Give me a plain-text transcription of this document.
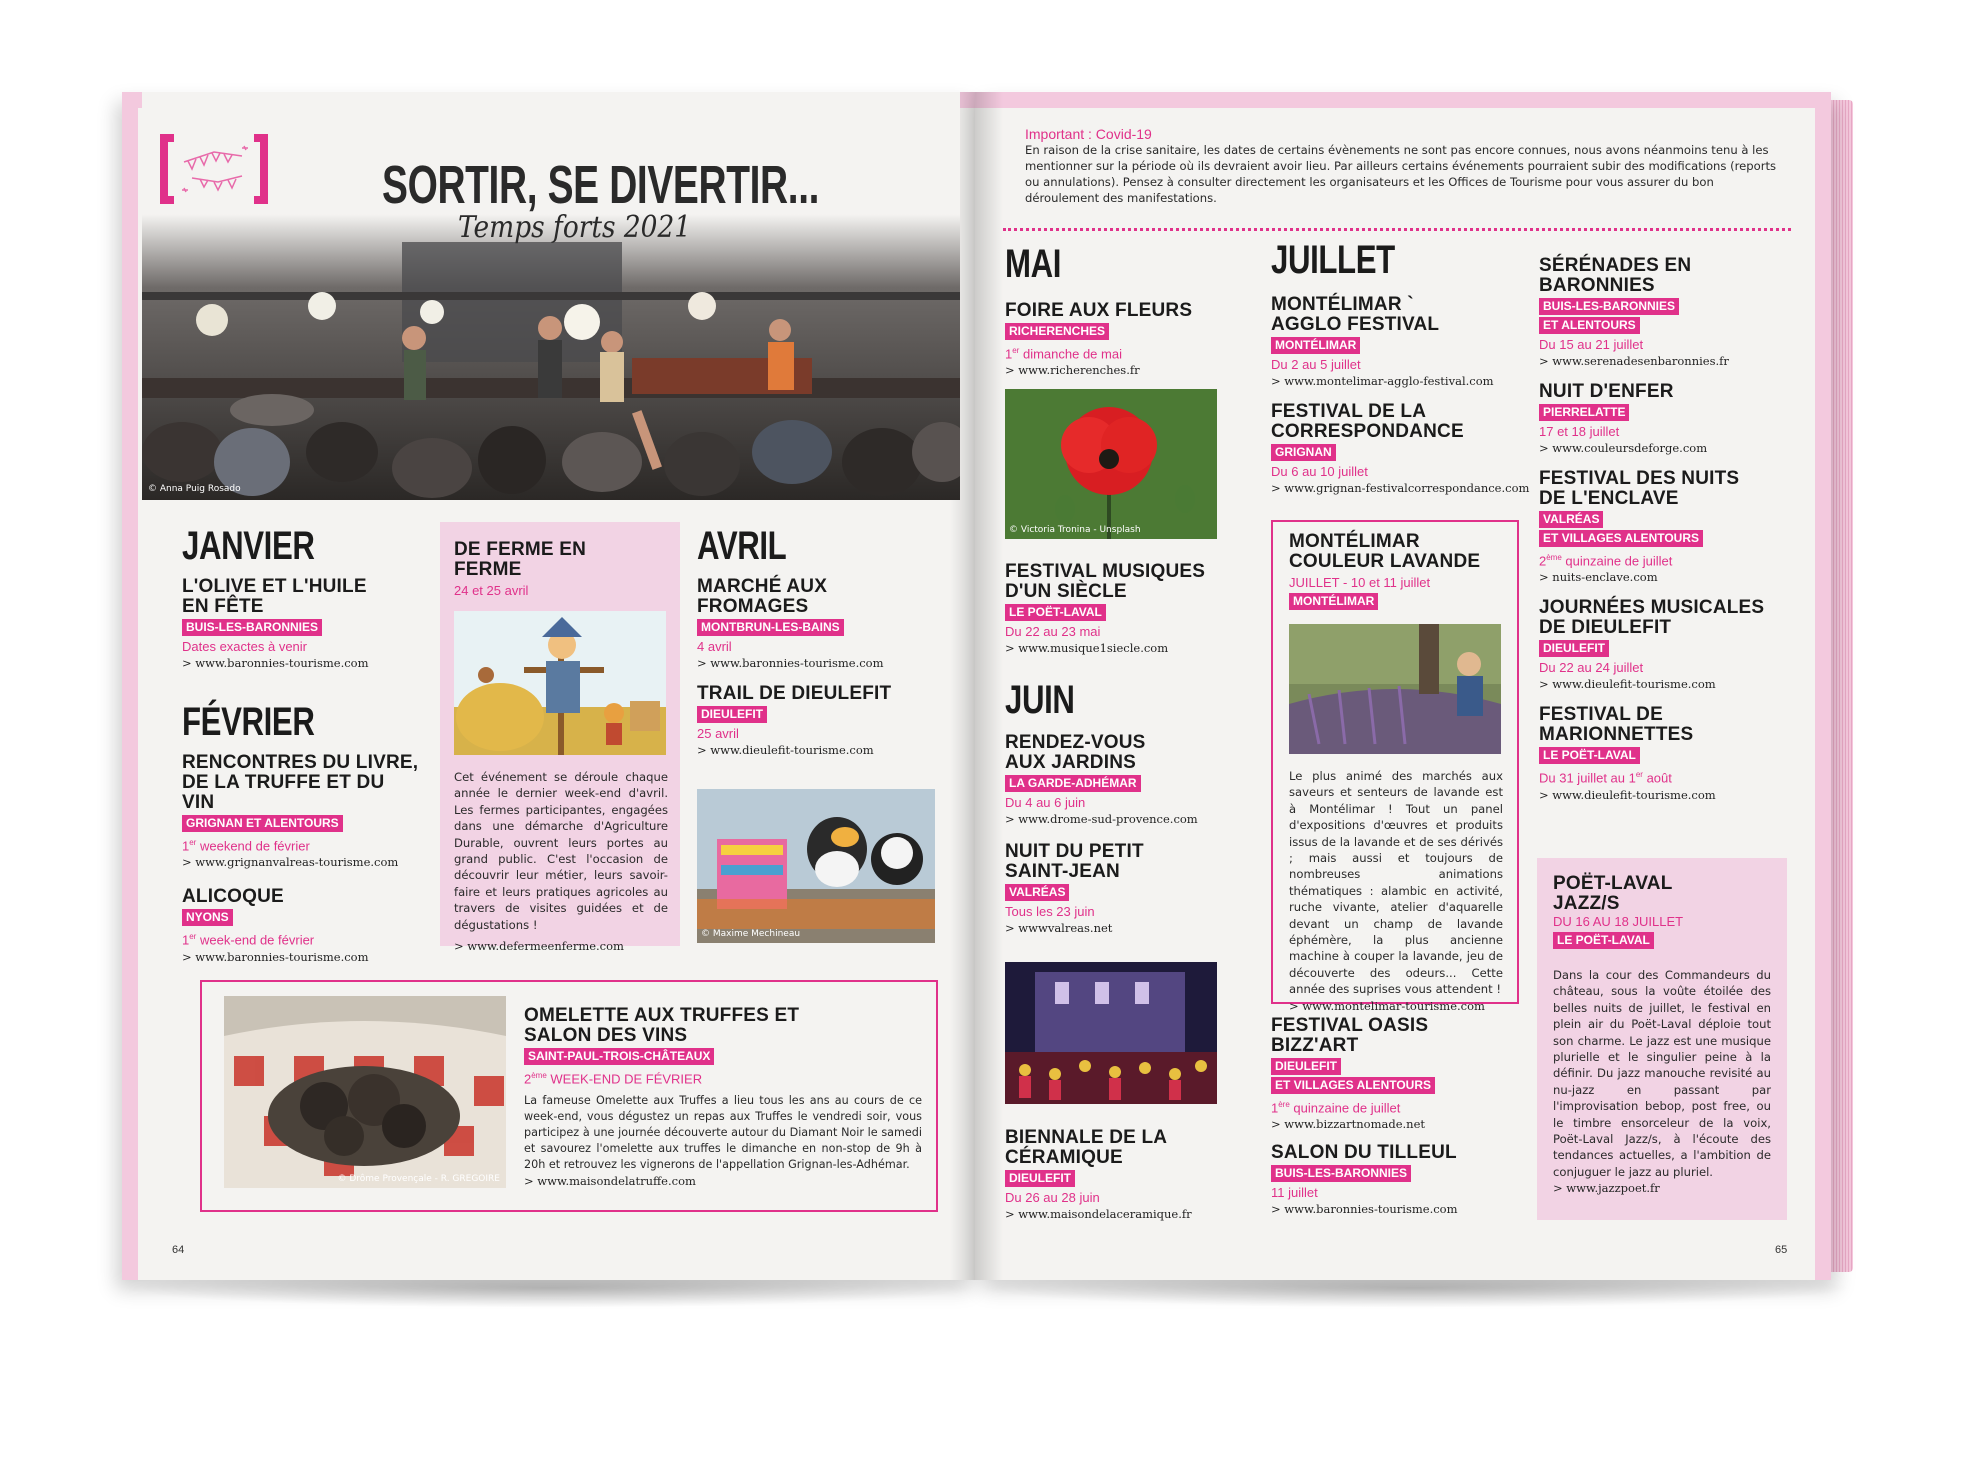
© Anna Puig Rosado
SORTIR, SE DIVERTIR...
Temps forts 2021
JANVIER
L'OLIVE ET L'HUILE EN FÊTE
BUIS-LES-BARONNIES
Dates exactes à venir
> www.baronnies-tourisme.com
FÉVRIER
RENCONTRES DU LIVRE, DE LA TRUFFE ET DU VIN
GRIGNAN ET ALENTOURS
1er weekend de février
> www.grignanvalreas-tourisme.com
ALICOQUE
NYONS
1er week-end de février
> www.baronnies-tourisme.com
DE FERME EN FERME
24 et 25 avril
Cet événement se déroule chaque année le dernier week-end d'avril. Les fermes participantes, engagées dans une démarche d'Agriculture Durable, ouvrent leurs portes au grand public. C'est l'occasion de découvrir leur métier, leurs savoir-faire et leurs pratiques agricoles au travers de visites guidées et de dégustations !
> www.defermeenferme.com
AVRIL
MARCHÉ AUX FROMAGES
MONTBRUN-LES-BAINS
4 avril
> www.baronnies-tourisme.com
TRAIL DE DIEULEFIT
DIEULEFIT
25 avril
> www.dieulefit-tourisme.com
© Maxime Mechineau
© Drôme Provençale - R. GREGOIRE
OMELETTE AUX TRUFFES ET SALON DES VINS
SAINT-PAUL-TROIS-CHÂTEAUX
2ème WEEK-END DE FÉVRIER
La fameuse Omelette aux Truffes a lieu tous les ans au cours de ce week-end, vous dégustez un repas aux Truffes le vendredi soir, vous participez à une journée découverte autour du Diamant Noir le samedi et savourez l'omelette aux truffes le dimanche en non-stop de 9h à 20h et retrouvez les vignerons de l'appellation Grignan-les-Adhémar.
> www.maisondelatruffe.com
64
Important : Covid-19
En raison de la crise sanitaire, les dates de certains évènements ne sont pas encore connues, nous avons néanmoins tenu à les mentionner sur la période où ils devraient avoir lieu. Par ailleurs certains événements pourraient subir des modifications (reports ou annulations). Pensez à consulter directement les organisateurs et les Offices de Tourisme pour vous assurer du bon déroulement des manifestations.
MAI
FOIRE AUX FLEURS
RICHERENCHES
1er dimanche de mai
> www.richerenches.fr
© Victoria Tronina - Unsplash
FESTIVAL MUSIQUES D'UN SIÈCLE
LE POËT-LAVAL
Du 22 au 23 mai
> www.musique1siecle.com
JUIN
RENDEZ-VOUS AUX JARDINS
LA GARDE-ADHÉMAR
Du 4 au 6 juin
> www.drome-sud-provence.com
NUIT DU PETIT SAINT-JEAN
VALRÉAS
Tous les 23 juin
> wwwvalreas.net
BIENNALE DE LA CÉRAMIQUE
DIEULEFIT
Du 26 au 28 juin
> www.maisondelaceramique.fr
JUILLET
MONTÉLIMAR ` AGGLO FESTIVAL
MONTÉLIMAR
Du 2 au 5 juillet
> www.montelimar-agglo-festival.com
FESTIVAL DE LA CORRESPONDANCE
GRIGNAN
Du 6 au 10 juillet
> www.grignan-festivalcorrespondance.com
MONTÉLIMAR COULEUR LAVANDE
JUILLET - 10 et 11 juillet
MONTÉLIMAR
Le plus animé des marchés aux saveurs et senteurs de lavande est à Montélimar ! Tout un panel d'expositions d'œuvres et produits issus de la lavande et de ses dérivés ; mais aussi et toujours de nombreuses animations thématiques : alambic en activité, ruche vivante, atelier d'aquarelle devant un champ de lavande éphémère, la plus ancienne machine à couper la lavande, jeu de découverte des odeurs... Cette année des suprises vous attendent !
> www.montelimar-tourisme.com
FESTIVAL OASIS BIZZ'ART
DIEULEFIT
ET VILLAGES ALENTOURS
1ère quinzaine de juillet
> www.bizzartnomade.net
SALON DU TILLEUL
BUIS-LES-BARONNIES
11 juillet
> www.baronnies-tourisme.com
SÉRÉNADES EN BARONNIES
BUIS-LES-BARONNIES
ET ALENTOURS
Du 15 au 21 juillet
> www.serenadesenbaronnies.fr
NUIT D'ENFER
PIERRELATTE
17 et 18 juillet
> www.couleursdeforge.com
FESTIVAL DES NUITS DE L'ENCLAVE
VALRÉAS
ET VILLAGES ALENTOURS
2ème quinzaine de juillet
> nuits-enclave.com
JOURNÉES MUSICALES DE DIEULEFIT
DIEULEFIT
Du 22 au 24 juillet
> www.dieulefit-tourisme.com
FESTIVAL DE MARIONNETTES
LE POËT-LAVAL
Du 31 juillet au 1er août
> www.dieulefit-tourisme.com
POËT-LAVAL JAZZ/S
DU 16 AU 18 JUILLET
LE POËT-LAVAL
Dans la cour des Commandeurs du château, sous la voûte étoilée des belles nuits de juillet, le festival en plein air du Poët-Laval déploie tout son charme. Le jazz est une musique plurielle et le singulier peine à la définir. Du jazz manouche revisité au nu-jazz en passant par l'improvisation bebop, post free, ou le timbre ensorceleur de la voix, Poët-Laval Jazz/s, à l'écoute des tendances actuelles, a l'ambition de conjuguer le jazz au pluriel.
> www.jazzpoet.fr
65
